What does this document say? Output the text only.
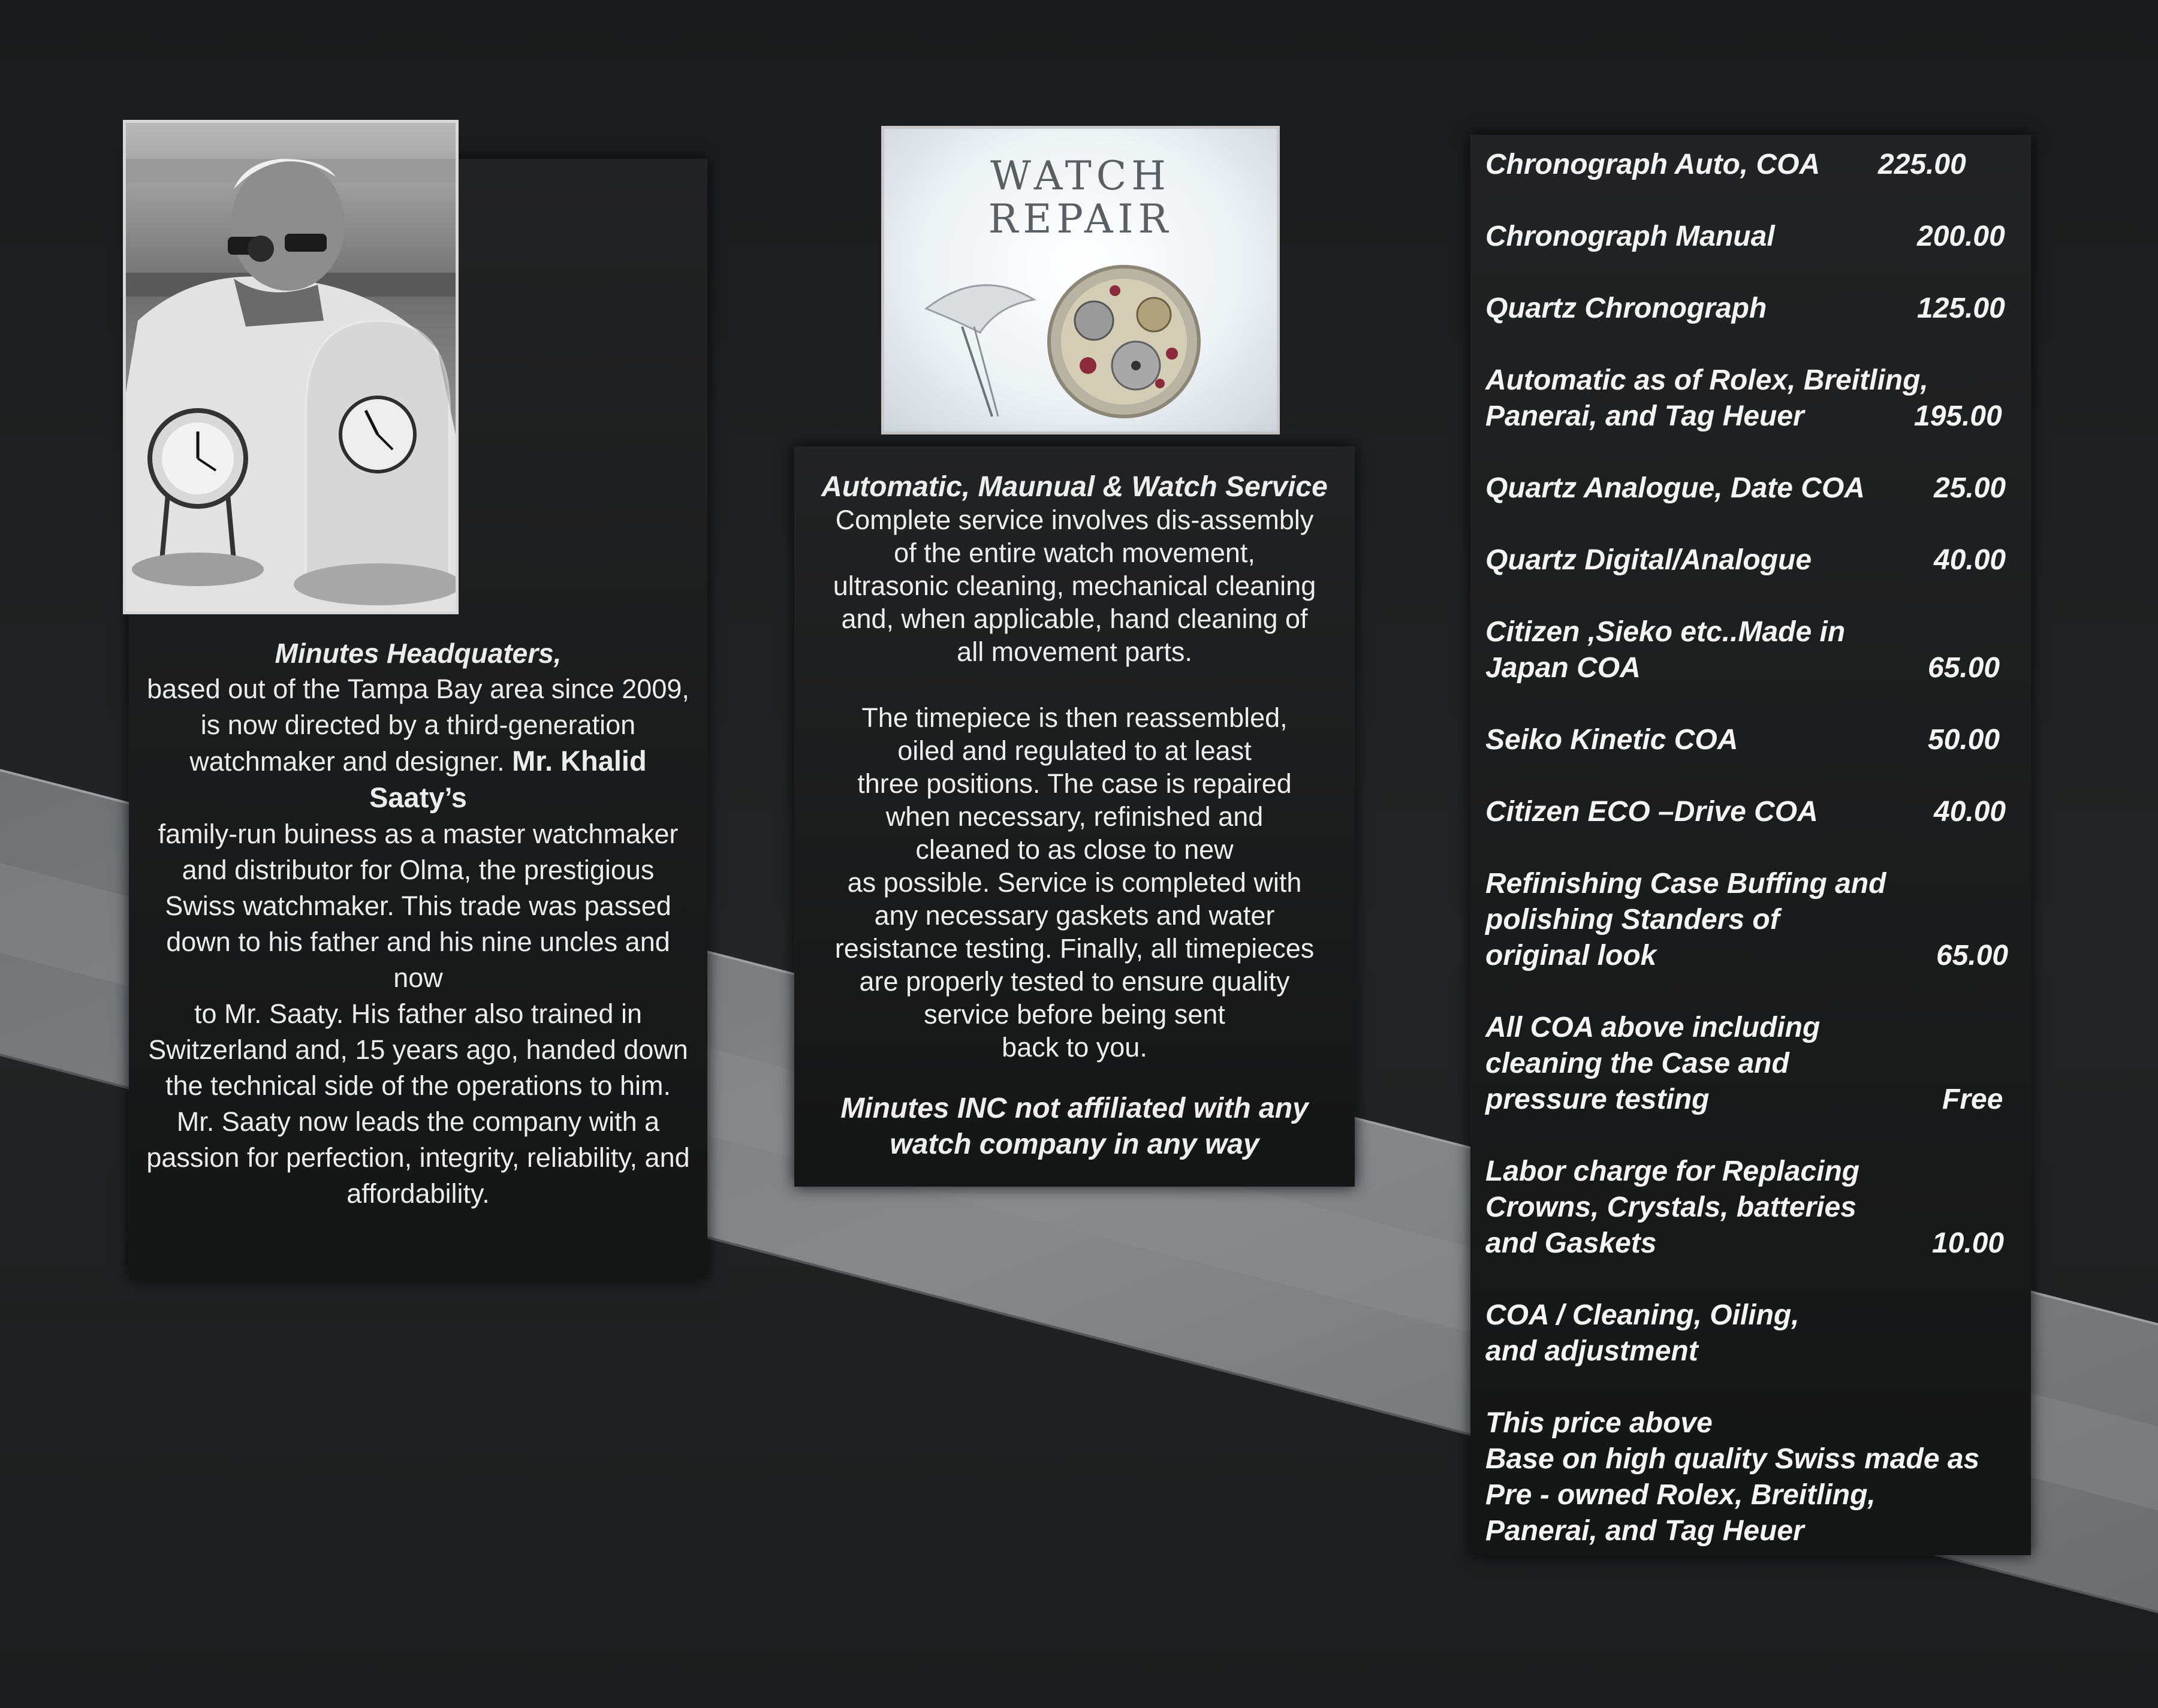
Minutes Headquaters,
based out of the Tampa Bay area since 2009,
is now directed by a third-generation
watchmaker and designer. Mr. Khalid Saaty’s
family-run buiness as a master watchmaker
and distributor for Olma, the prestigious
Swiss watchmaker. This trade was passed
down to his father and his nine uncles and now
to Mr. Saaty. His father also trained in
Switzerland and, 15 years ago, handed down
the technical side of the operations to him.
Mr. Saaty now leads the company with a
passion for perfection, integrity, reliability, and
affordability.
WATCH
REPAIR
Automatic, Maunual & Watch Service
Complete service involves dis-assembly
of the entire watch movement,
ultrasonic cleaning, mechanical cleaning
and, when applicable, hand cleaning of
all movement parts.
The timepiece is then reassembled,
oiled and regulated to at least
three positions. The case is repaired
when necessary, refinished and
cleaned to as close to new
as possible. Service is completed with
any necessary gaskets and water
resistance testing. Finally, all timepieces
are properly tested to ensure quality
service before being sent
back to you.
Minutes INC not affiliated with any
watch company in any way
Chronograph Auto, COA 225.00
Chronograph Manual	200.00
Quartz Chronograph	125.00
Automatic as of Rolex, Breitling,
Panerai, and Tag Heuer	195.00
Quartz Analogue, Date COA 25.00
Quartz Digital/Analogue	40.00
Citizen ,Sieko etc..Made in
Japan COA	65.00
Seiko Kinetic COA	50.00
Citizen ECO –Drive COA	40.00
Refinishing Case Buffing and
polishing Standers of
original look	65.00
All COA above including
cleaning the Case and
pressure testing	Free
Labor charge for Replacing
Crowns, Crystals, batteries
and Gaskets	10.00
COA / Cleaning, Oiling,
and adjustment
This price above
Base on high quality Swiss made as
Pre - owned Rolex, Breitling,
Panerai, and Tag Heuer
